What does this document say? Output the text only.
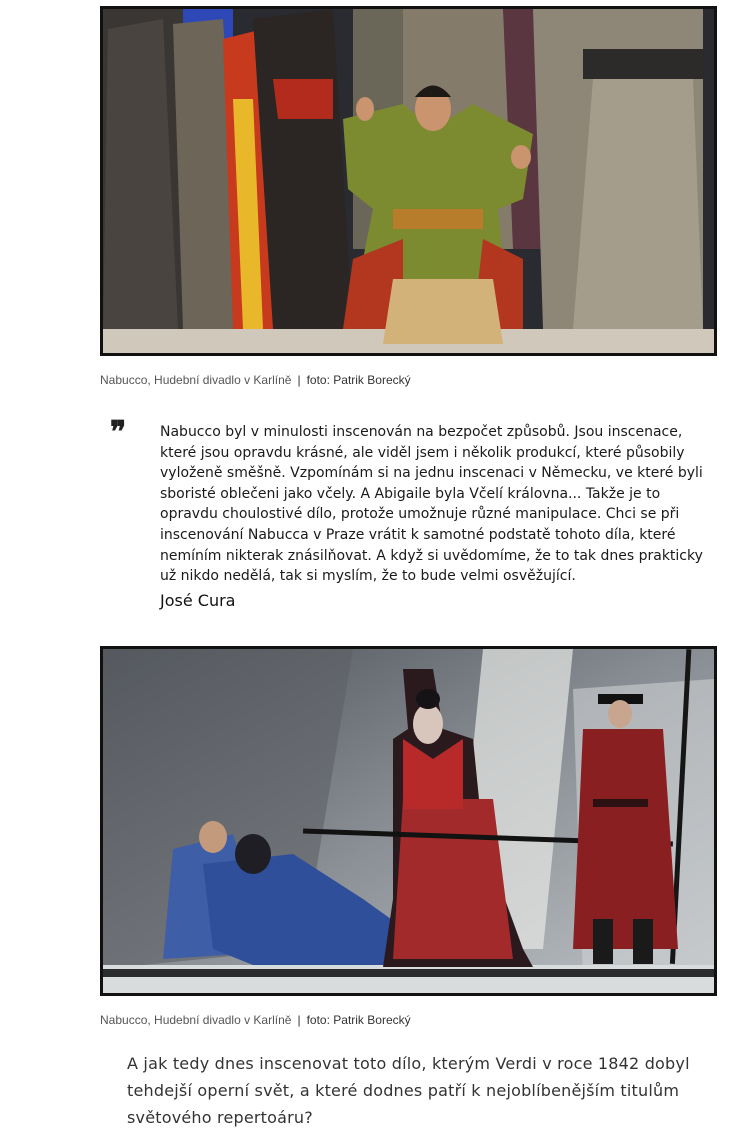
Nabucco, Hudební divadlo v Karlíně | foto: Patrik Borecký
❞ Nabucco byl v minulosti inscenován na bezpočet způsobů. Jsou inscenace, které jsou opravdu krásné, ale viděl jsem i několik produkcí, které působily vyloženě směšně. Vzpomínám si na jednu inscenaci v Německu, ve které byli sboristé oblečeni jako včely. A Abigaile byla Včelí královna... Takže je to opravdu choulostivé dílo, protože umožnuje různé manipulace. Chci se při inscenování Nabucca v Praze vrátit k samotné podstatě tohoto díla, které nemíním nikterak znásilňovat. A když si uvědomíme, že to tak dnes prakticky už nikdo nedělá, tak si myslím, že to bude velmi osvěžující.
José Cura
Nabucco, Hudební divadlo v Karlíně | foto: Patrik Borecký
A jak tedy dnes inscenovat toto dílo, kterým Verdi v roce 1842 dobyl tehdejší operní svět, a které dodnes patří k nejoblíbenějším titulům světového repertoáru?
